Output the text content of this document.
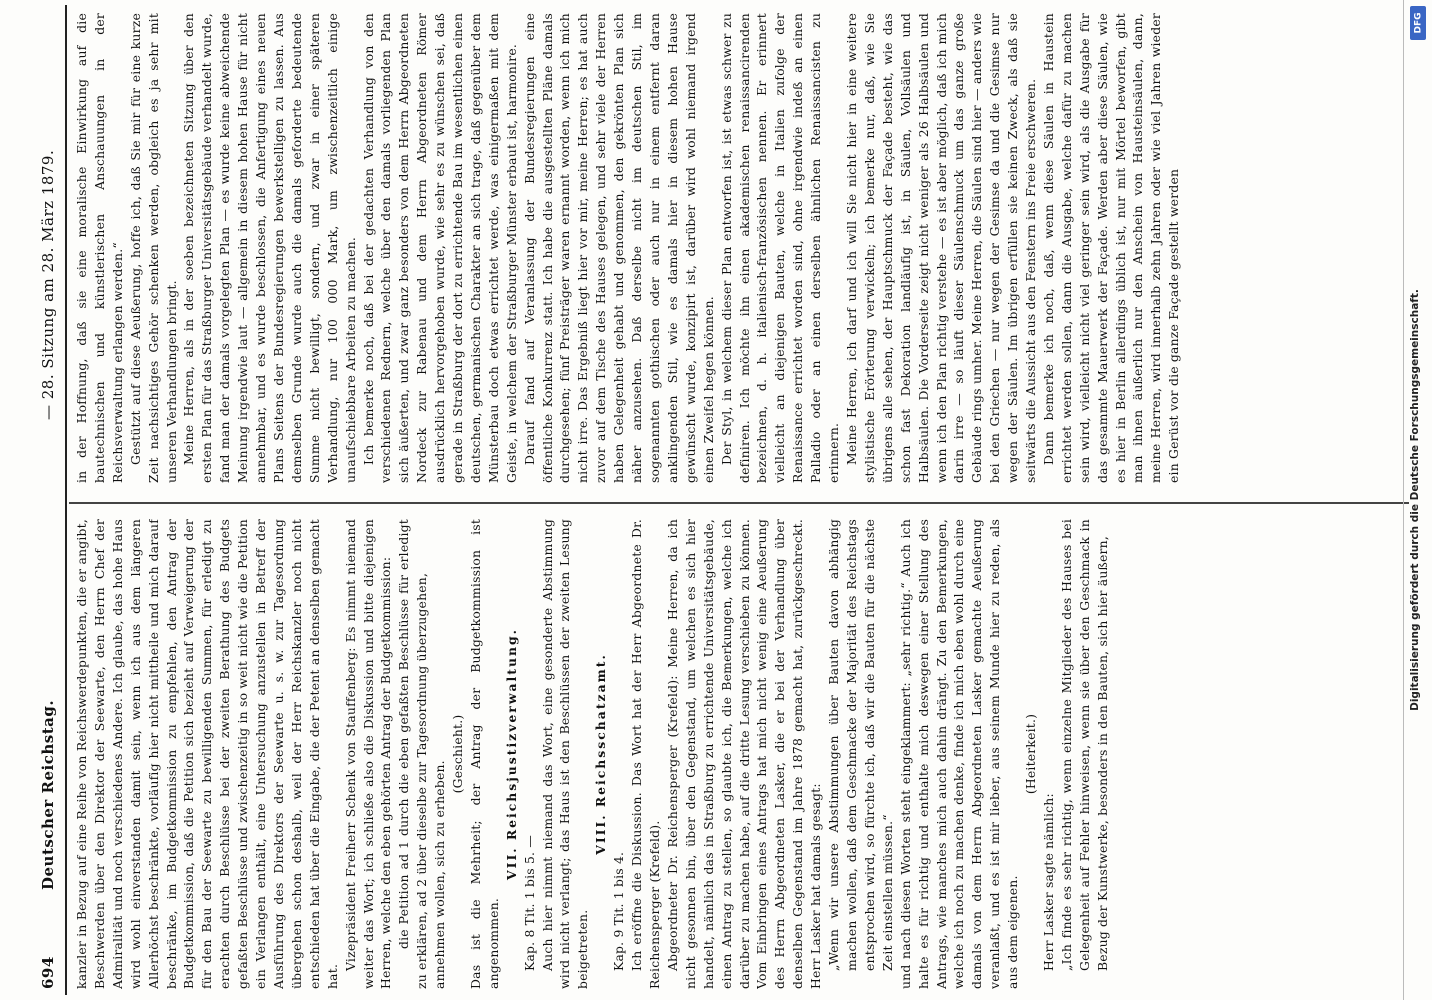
694
Deutscher Reichstag.
— 28. Sitzung am 28. März 1879.

kanzler in Bezug auf eine Reihe von Reichswerdepunkten, die er angibt, Beschwerden über den Direktor der Seewarte, den Herrn Chef der Admiralität und noch verschiedenes Andere. Ich glaube, das hohe Haus wird wohl einverstanden damit sein, wenn ich aus dem längeren Allerhöchst beschränkte, vorläufig hier nicht mittheile und mich darauf beschränke, im Budgetkommission zu empfehlen, den Antrag der Budgetkommission, daß die Petition sich bezieht auf Verweigerung der für den Bau der Seewarte zu bewilligenden Summen, für erledigt zu erachten durch Beschlüsse bei der zweiten Berathung des Budgets gefaßten Beschlüsse und zwischenzeitig in so weit nicht wie die Petition ein Verlangen enthält, eine Untersuchung anzustellen in Betreff der Ausführung des Direktors der Seewarte u. s. w. zur Tagesordnung übergehen schon deshalb, weil der Herr Reichskanzler noch nicht entschieden hat über die Eingabe, die der Petent an denselben gemacht hat.

Vizepräsident Freiherr Schenk von Stauffenberg: Es nimmt niemand weiter das Wort; ich schließe also die Diskussion und bitte diejenigen Herren, welche den eben gehörten Antrag der Budgetkommission: die Petition ad 1 durch die eben gefaßten Beschlüsse für erledigt zu erklären, ad 2 über dieselbe zur Tagesordnung überzugehen, annehmen wollen, sich zu erheben.

(Geschieht.) Das ist die Mehrheit; der Antrag der Budgetkommission ist angenommen.

VII. Reichsjustizverwaltung.

Kap. 8 Tit. 1 bis 5. — Auch hier nimmt niemand das Wort, eine gesonderte Abstimmung wird nicht verlangt; das Haus ist den Beschlüssen der zweiten Lesung beigetreten.

VIII. Reichsschatzamt.

Kap. 9 Tit. 1 bis 4. Ich eröffne die Diskussion. Das Wort hat der Herr Abgeordnete Dr. Reichensperger (Krefeld). Abgeordneter Dr. Reichensperger (Krefeld): Meine Herren, da ich nicht gesonnen bin, über den Gegenstand, um welchen es sich hier handelt, nämlich das in Straßburg zu errichtende Universitätsgebäude, einen Antrag zu stellen, so glaubte ich, die Bemerkungen, welche ich darüber zu machen habe, auf die dritte Lesung verschieben zu können. Vom Einbringen eines Antrags hat mich nicht wenig eine Aeußerung des Herrn Abgeordneten Lasker, die er bei der Verhandlung über denselben Gegenstand im Jahre 1878 gemacht hat, zurückgeschreckt. Herr Lasker hat damals gesagt: „Wenn wir unsere Abstimmungen über Bauten davon abhängig machen wollen, daß dem Geschmacke der Majorität des Reichstags entsprochen wird, so fürchte ich, daß wir die Bauten für die nächste Zeit einstellen müssen.“ und nach diesen Worten steht eingeklammert: „sehr richtig.“ Auch ich halte es für richtig und enthalte mich deswegen einer Stellung des Antrags, wie manches mich auch dahin drängt. Zu den Bemerkungen, welche ich noch zu machen denke, finde ich mich eben wohl durch eine damals von dem Herrn Abgeordneten Lasker gemachte Aeußerung veranlaßt, und es ist mir lieber, aus seinem Munde hier zu reden, als aus dem eigenen.

(Heiterkeit.)

Herr Lasker sagte nämlich: „Ich finde es sehr richtig, wenn einzelne Mitglieder des Hauses bei Gelegenheit auf Fehler hinweisen, wenn sie über den Geschmack in Bezug der Kunstwerke, besonders in den Bauten, sich hier äußern,

in der Hoffnung, daß sie eine moralische Einwirkung auf die bautechnischen und künstlerischen Anschauungen in der Reichsverwaltung erlangen werden.“ Gestützt auf diese Aeußerung, hoffe ich, daß Sie mir für eine kurze Zeit nachsichtiges Gehör schenken werden, obgleich es ja sehr mit unseren Verhandlungen bringt. Meine Herren, als in der soeben bezeichneten Sitzung über den ersten Plan für das Straßburger Universitätsgebäude verhandelt wurde, fand man der damals vorgelegten Plan — es wurde keine abweichende Meinung irgendwie laut — allgemein in diesem hohen Hause für nicht annehmbar, und es wurde beschlossen, die Anfertigung eines neuen Plans Seitens der Bundesregierungen bewerkstelligen zu lassen. Aus demselben Grunde wurde auch die damals geforderte bedeutende Summe nicht bewilligt, sondern, und zwar in einer späteren Verhandlung, nur 100 000 Mark, um zwischenzeitlich einige unaufschiebbare Arbeiten zu machen. Ich bemerke noch, daß bei der gedachten Verhandlung von den verschiedenen Rednern, welche über den damals vorliegenden Plan sich äußerten, und zwar ganz besonders von dem Herrn Abgeordneten Nordeck zur Rabenau und dem Herrn Abgeordneten Römer ausdrücklich hervorgehoben wurde, wie sehr es zu wünschen sei, daß gerade in Straßburg der dort zu errichtende Bau im wesentlichen einen deutschen, germanischen Charakter an sich trage, daß gegenüber dem Münsterbau doch etwas errichtet werde, was einigermaßen mit dem Geiste, in welchem der Straßburger Münster erbaut ist, harmonire. Darauf fand auf Veranlassung der Bundesregierungen eine öffentliche Konkurrenz statt. Ich habe die ausgestellten Pläne damals durchgesehen; fünf Preisträger waren ernannt worden, wenn ich mich nicht irre. Das Ergebniß liegt hier vor mir, meine Herren; es hat auch zuvor auf dem Tische des Hauses gelegen, und sehr viele der Herren haben Gelegenheit gehabt und genommen, den gekrönten Plan sich näher anzusehen. Daß derselbe nicht im deutschen Stil, im sogenannten gothischen oder auch nur in einem entfernt daran anklingenden Stil, wie es damals hier in diesem hohen Hause gewünscht wurde, konzipirt ist, darüber wird wohl niemand irgend einen Zweifel hegen können. Der Styl, in welchem dieser Plan entworfen ist, ist etwas schwer zu definiren. Ich möchte ihn einen akademischen renaissancirenden bezeichnen, d. h. italienisch-französischen nennen. Er erinnert vielleicht an diejenigen Bauten, welche in Italien zufolge der Renaissance errichtet worden sind, ohne irgendwie indeß an einen Palladio oder an einen derselben ähnlichen Renaissancisten zu erinnern. Meine Herren, ich darf und ich will Sie nicht hier in eine weitere stylistische Erörterung verwickeln; ich bemerke nur, daß, wie Sie übrigens alle sehen, der Hauptschmuck der Façade besteht, wie das schon fast Dekoration landläufig ist, in Säulen, Vollsäulen und Halbsäulen. Die Vorderseite zeigt nicht weniger als 26 Halbsäulen und wenn ich den Plan richtig verstehe — es ist aber möglich, daß ich mich darin irre — so läuft dieser Säulenschmuck um das ganze große Gebäude rings umher. Meine Herren, die Säulen sind hier — anders wie bei den Griechen — nur wegen der Gesimse da und die Gesimse nur wegen der Säulen. Im übrigen erfüllen sie keinen Zweck, als daß sie seitwärts die Aussicht aus den Fenstern ins Freie erschweren. Dann bemerke ich noch, daß, wenn diese Säulen in Haustein errichtet werden sollen, dann die Ausgabe, welche dafür zu machen sein wird, vielleicht nicht viel geringer sein wird, als die Ausgabe für das gesammte Mauerwerk der Façade. Werden aber diese Säulen, wie es hier in Berlin allerdings üblich ist, nur mit Mörtel beworfen, gibt man ihnen äußerlich nur den Anschein von Hausteinsäulen, dann, meine Herren, wird innerhalb zehn Jahren oder wie viel Jahren wieder ein Gerüst vor die ganze Façade gestellt werden	Digitalisierung gefördert durch die Deutsche Forschungsgemeinschaft.
DFG
